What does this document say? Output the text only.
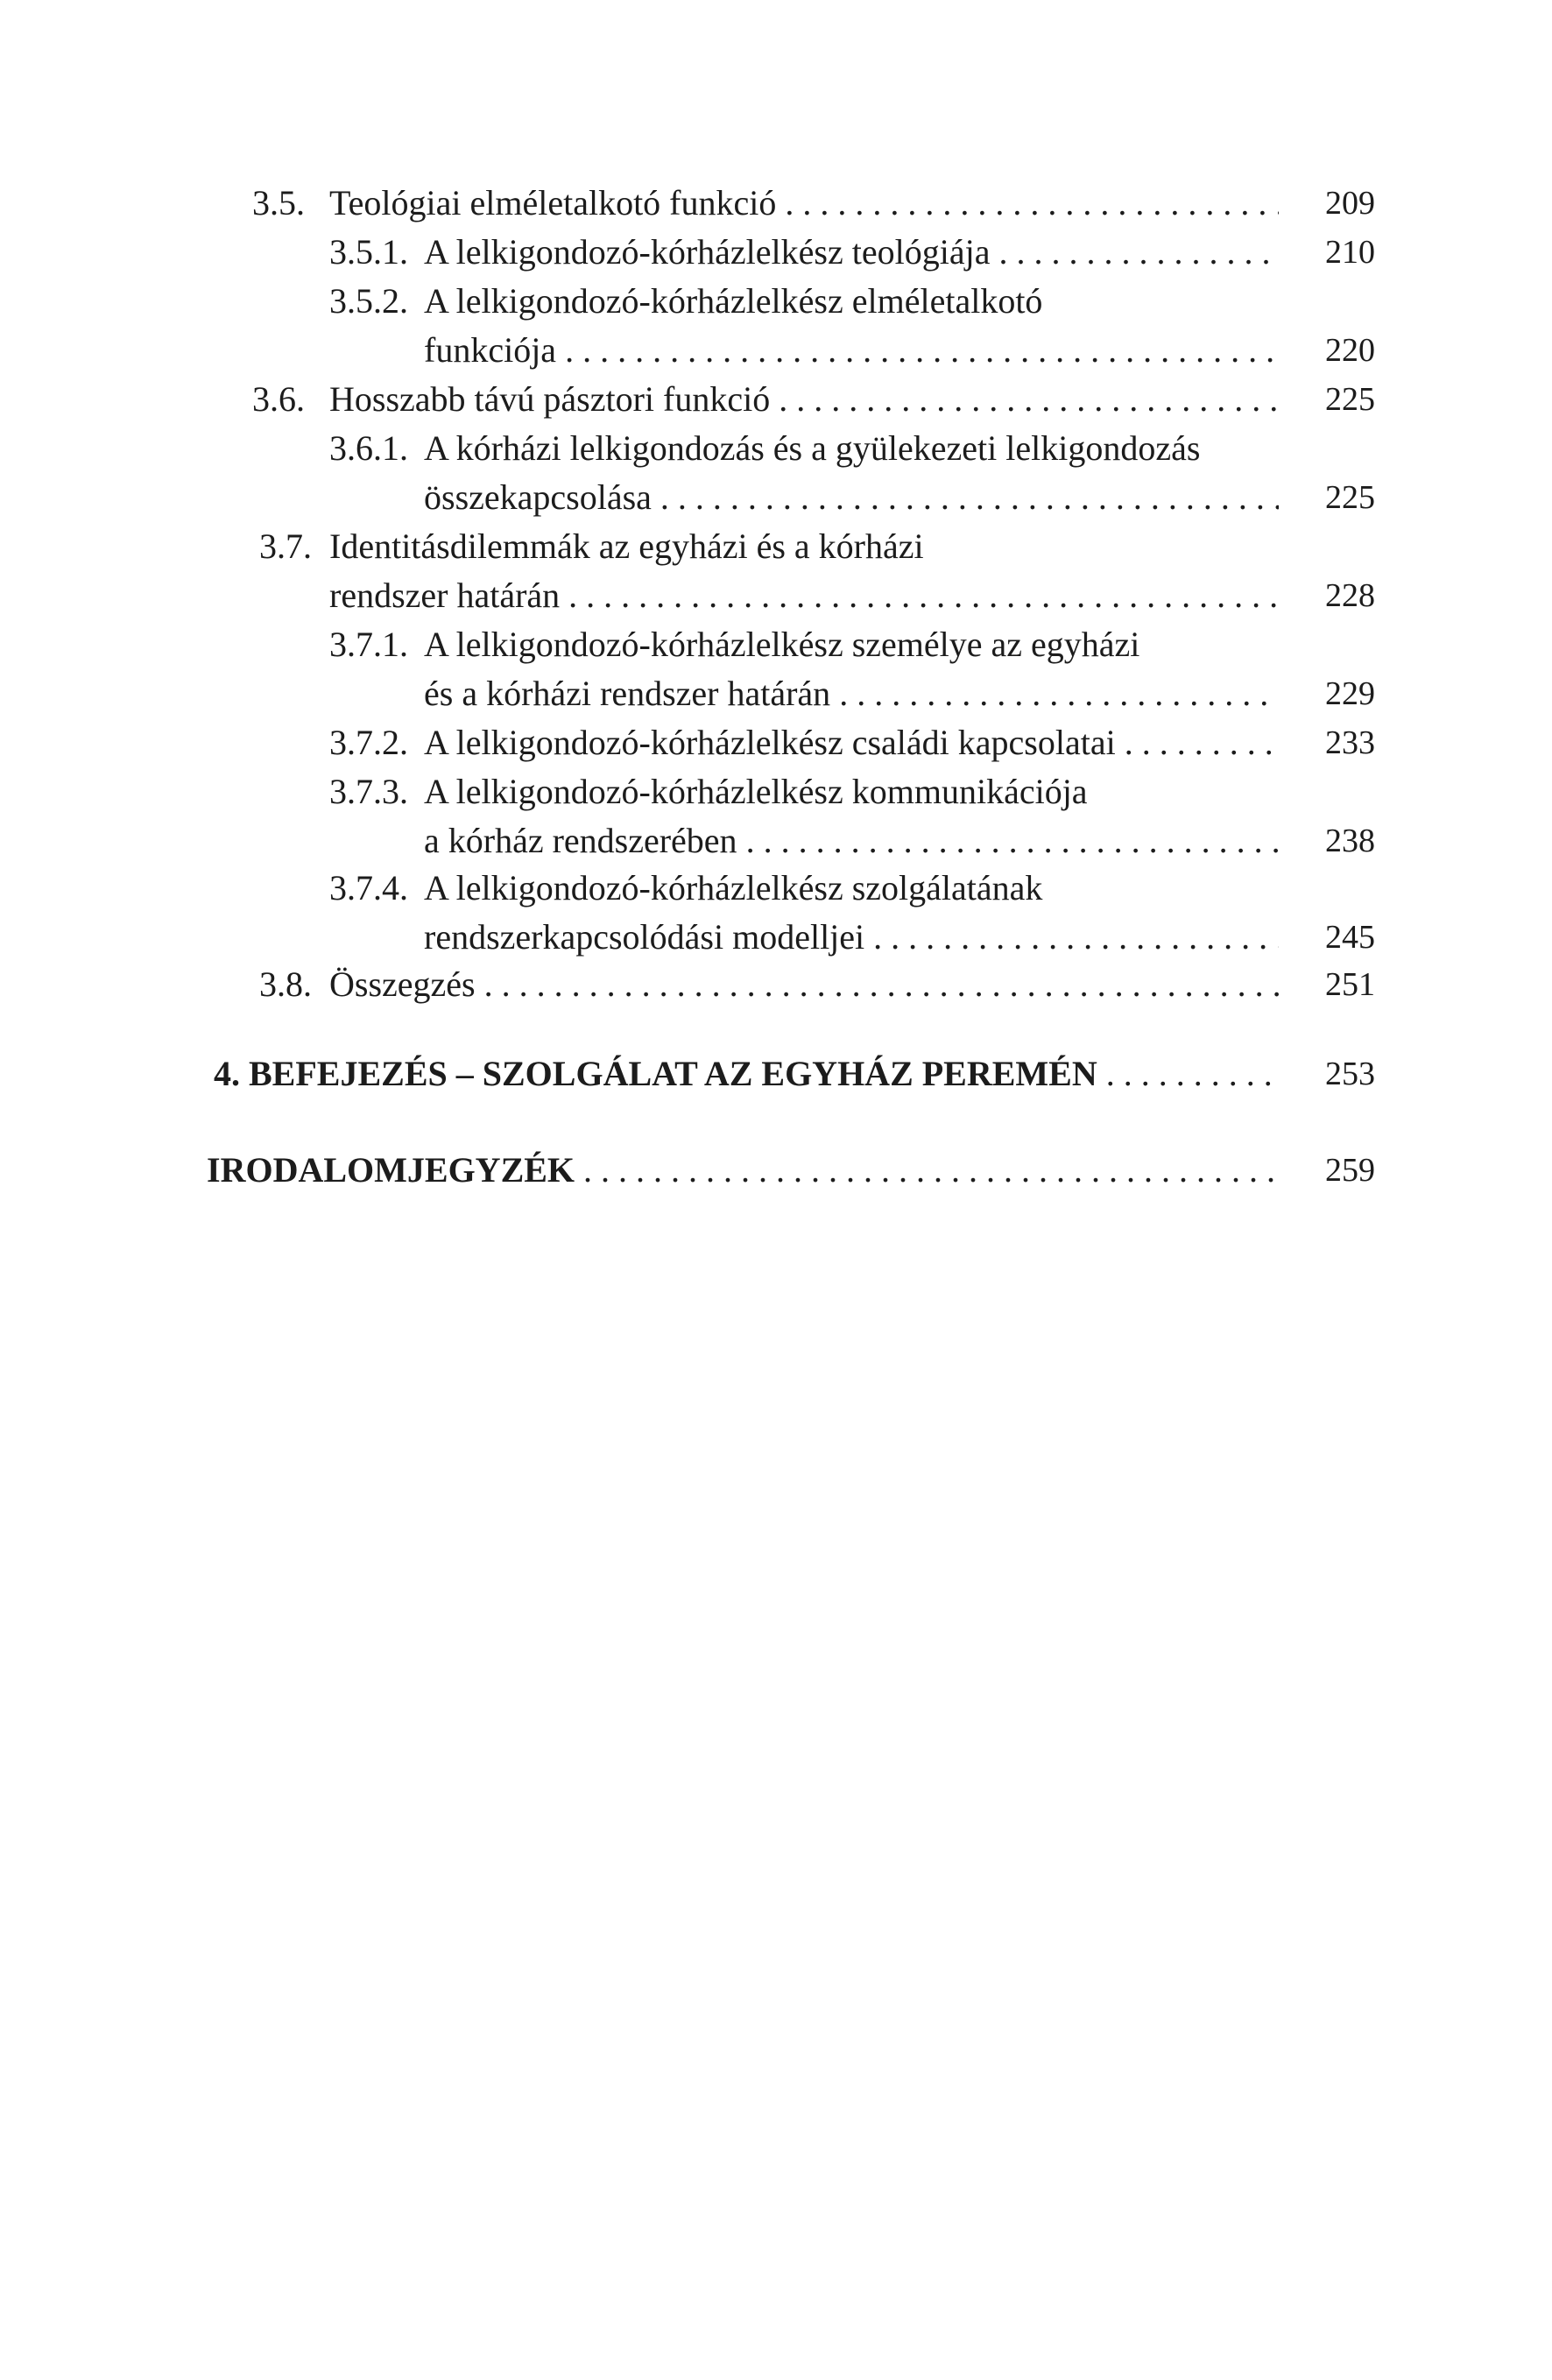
3.5. Teológiai elméletalkotó funkció . . .	209
3.5.1. A lelkigondozó-kórházlelkész teológiája . . .	210
3.5.2. A lelkigondozó-kórházlelkész elméletalkotó
funkciója . . .	220
3.6. Hosszabb távú pásztori funkció . . .	225
3.6.1. A kórházi lelkigondozás és a gyülekezeti lelkigondozás
összekapcsolása . . .	225
3.7. Identitásdilemmák az egyházi és a kórházi
rendszer határán . . .	228
3.7.1. A lelkigondozó-kórházlelkész személye az egyházi
és a kórházi rendszer határán . . .	229
3.7.2. A lelkigondozó-kórházlelkész családi kapcsolatai . . .	233
3.7.3. A lelkigondozó-kórházlelkész kommunikációja
a kórház rendszerében . . .	238
3.7.4. A lelkigondozó-kórházlelkész szolgálatának
rendszerkapcsolódási modelljei . . .	245
3.8. Összegzés . . .	251
4. BEFEJEZÉS – SZOLGÁLAT AZ EGYHÁZ PEREMÉN . . .	253
IRODALOMJEGYZÉK . . .	259
